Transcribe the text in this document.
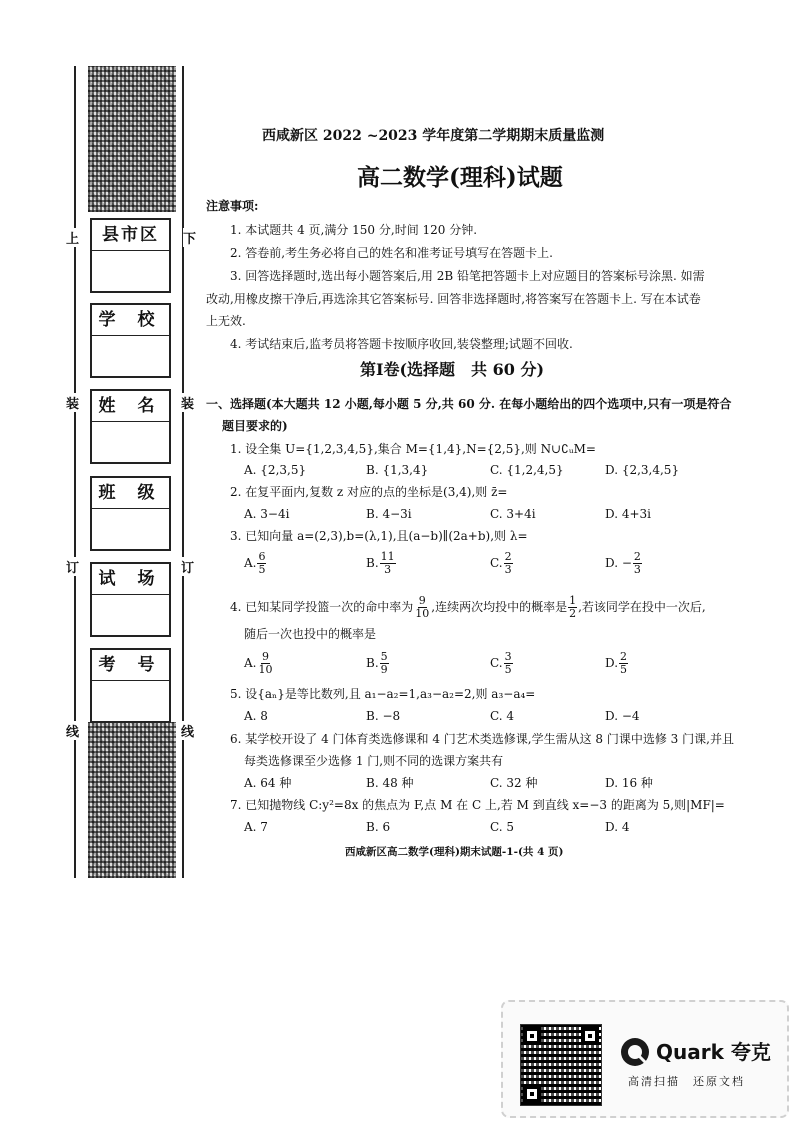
上	下
装	装
订	订
线	线
县市区
学 校
姓 名
班 级
试 场
考 号
西咸新区 2022 ~2023 学年度第二学期期末质量监测
高二数学(理科)试题
注意事项:
1. 本试题共 4 页,满分 150 分,时间 120 分钟.
2. 答卷前,考生务必将自己的姓名和准考证号填写在答题卡上.
3. 回答选择题时,选出每小题答案后,用 2B 铅笔把答题卡上对应题目的答案标号涂黑. 如需
改动,用橡皮擦干净后,再选涂其它答案标号. 回答非选择题时,将答案写在答题卡上. 写在本试卷
上无效.
4. 考试结束后,监考员将答题卡按顺序收回,装袋整理;试题不回收.
第Ⅰ卷(选择题　共 60 分)
一、选择题(本大题共 12 小题,每小题 5 分,共 60 分. 在每小题给出的四个选项中,只有一项是符合
题目要求的)
1. 设全集 U={1,2,3,4,5},集合 M={1,4},N={2,5},则 N∪∁ᵤM=
A. {2,3,5}	B. {1,3,4}	C. {1,2,4,5}	D. {2,3,4,5}
2. 在复平面内,复数 z 对应的点的坐标是(3,4),则 z̄=
A. 3−4i	B. 4−3i	C. 3+4i	D. 4+3i
3. 已知向量 a=(2,3),b=(λ,1),且(a−b)∥(2a+b),则 λ=
A. $\frac{6}{5}$	B. $\frac{11}{3}$	C. $\frac{2}{3}$	D. − $\frac{2}{3}$
4. 已知某同学投篮一次的命中率为 $\frac{9}{10}$ ,连续两次均投中的概率是 $\frac{1}{2}$ ,若该同学在投中一次后,
随后一次也投中的概率是
A. $\frac{9}{10}$	B. $\frac{5}{9}$	C. $\frac{3}{5}$	D. $\frac{2}{5}$
5. 设{aₙ}是等比数列,且 a₁−a₂=1,a₃−a₂=2,则 a₃−a₄=
A. 8	B. −8	C. 4	D. −4
6. 某学校开设了 4 门体育类选修课和 4 门艺术类选修课,学生需从这 8 门课中选修 3 门课,并且
每类选修课至少选修 1 门,则不同的选课方案共有
A. 64 种	B. 48 种	C. 32 种	D. 16 种
7. 已知抛物线 C:y²=8x 的焦点为 F,点 M 在 C 上,若 M 到直线 x=−3 的距离为 5,则|MF|=
A. 7	B. 6	C. 5	D. 4
西咸新区高二数学(理科)期末试题-1-(共 4 页)
Quark 夸克
高清扫描　还原文档
